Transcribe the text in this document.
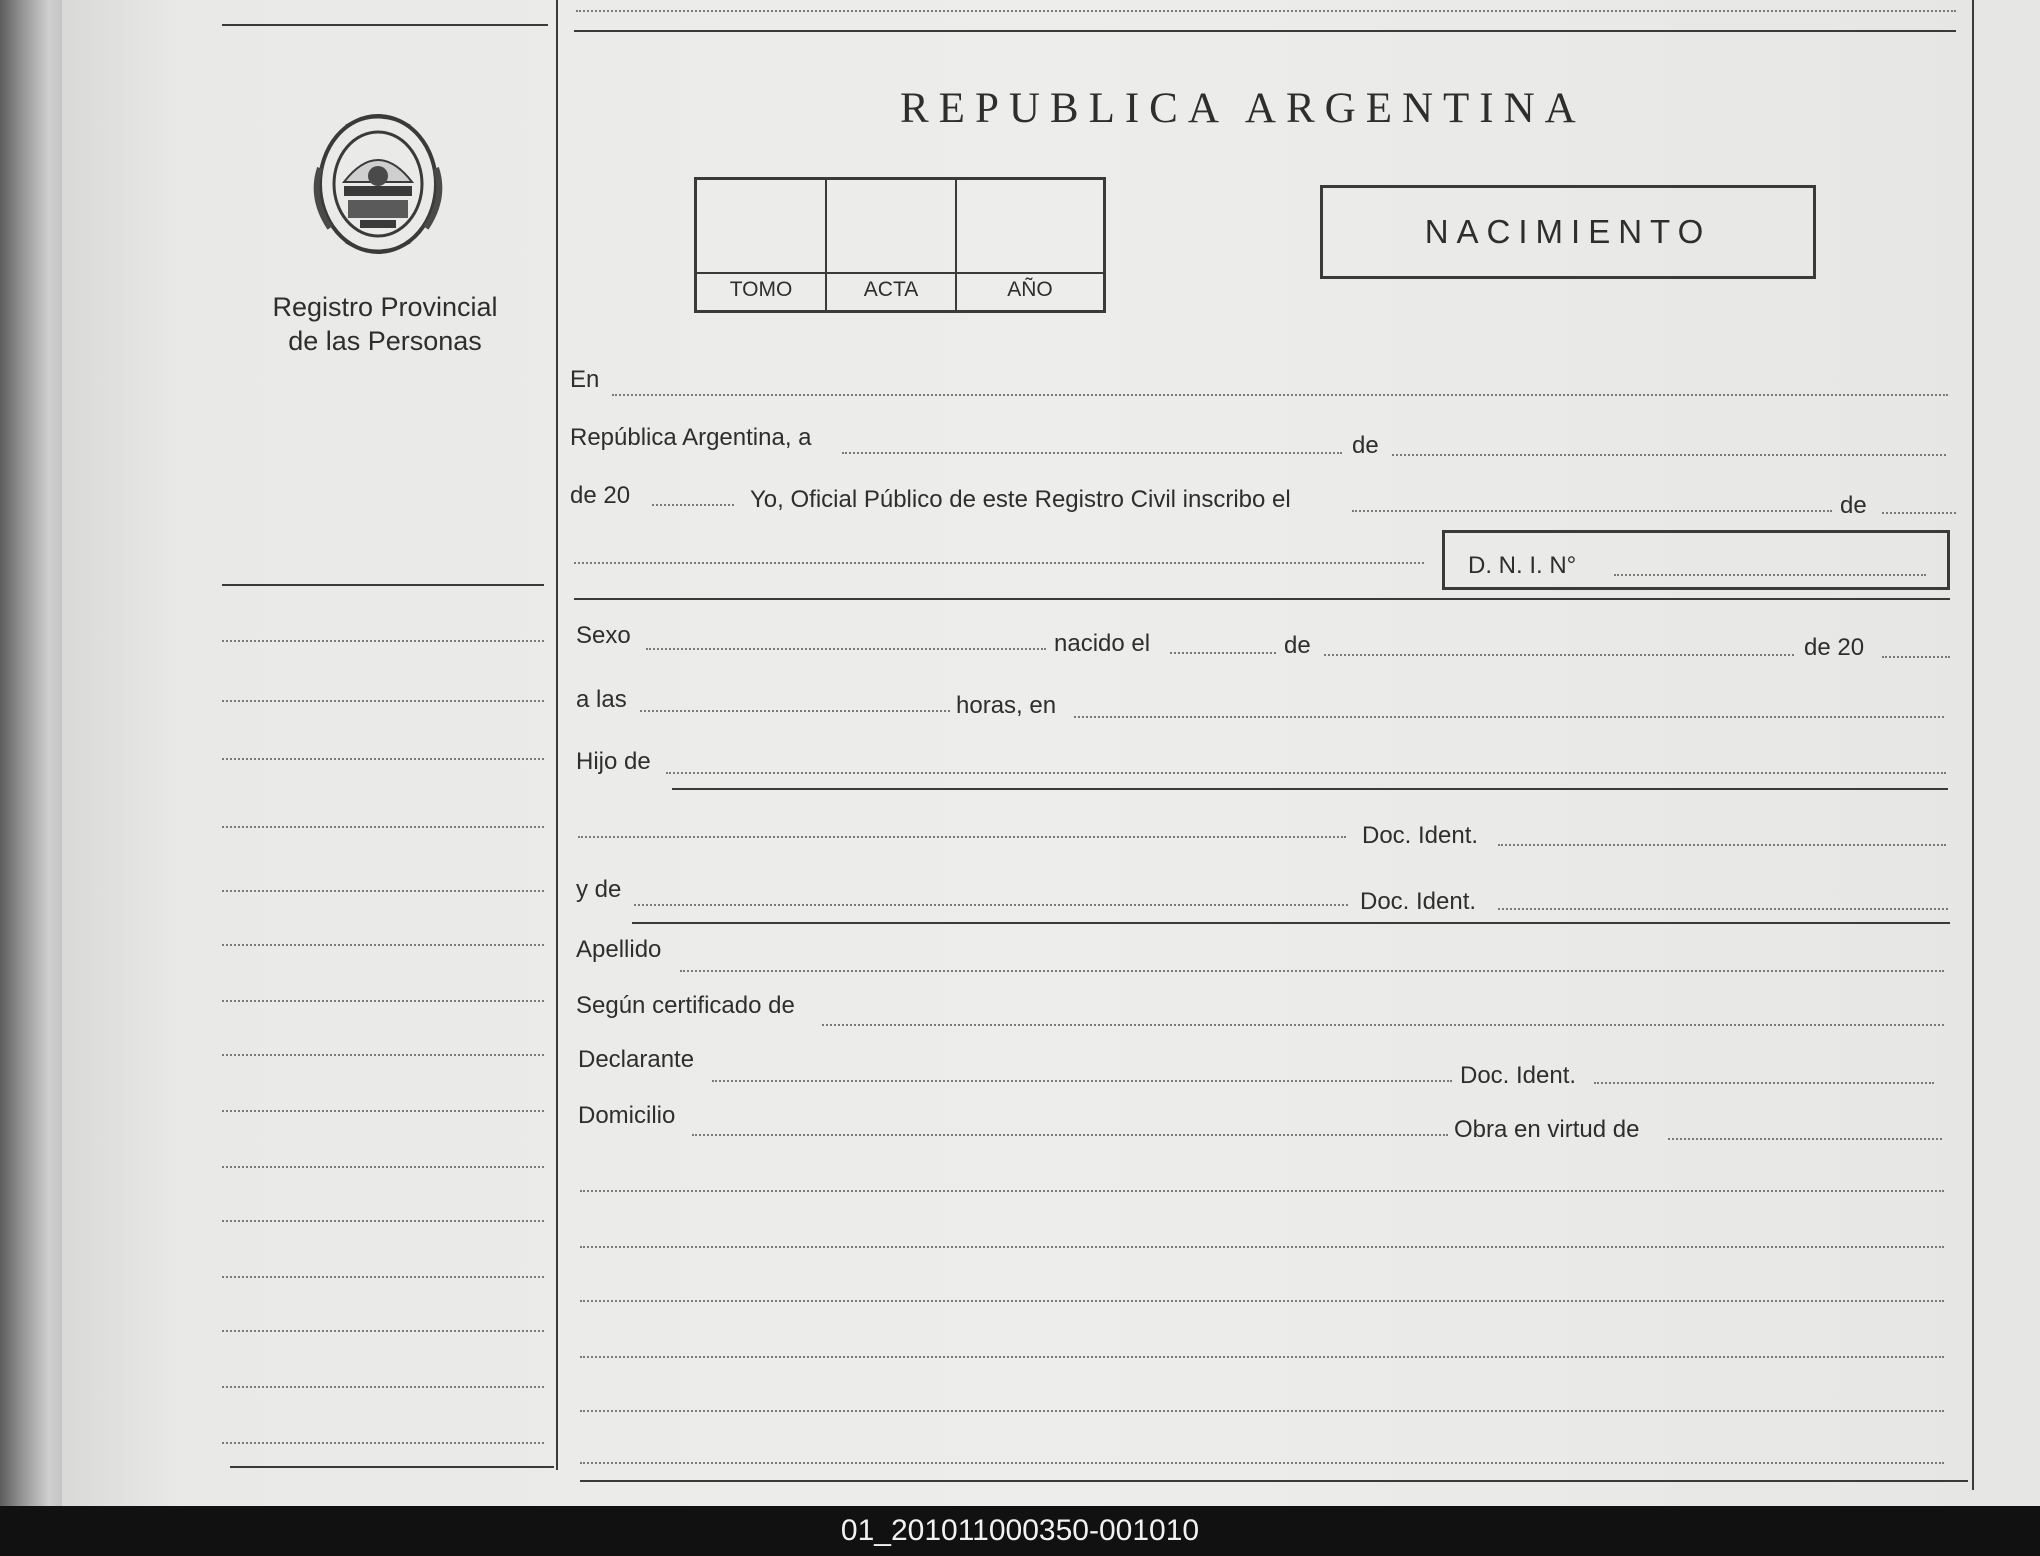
Registro Provincial
de las Personas
REPUBLICA ARGENTINA
TOMO	ACTA	AÑO
NACIMIENTO
En
República Argentina, a	de
de 20	Yo, Oficial Público de este Registro Civil inscribo el	de
D. N. I. N°
Sexo	nacido el	de	de 20
a las	horas, en
Hijo de
Doc. Ident.
y de	Doc. Ident.
Apellido
Según certificado de
Declarante
Doc. Ident.
Domicilio
Obra en virtud de
01_201011000350-001010
